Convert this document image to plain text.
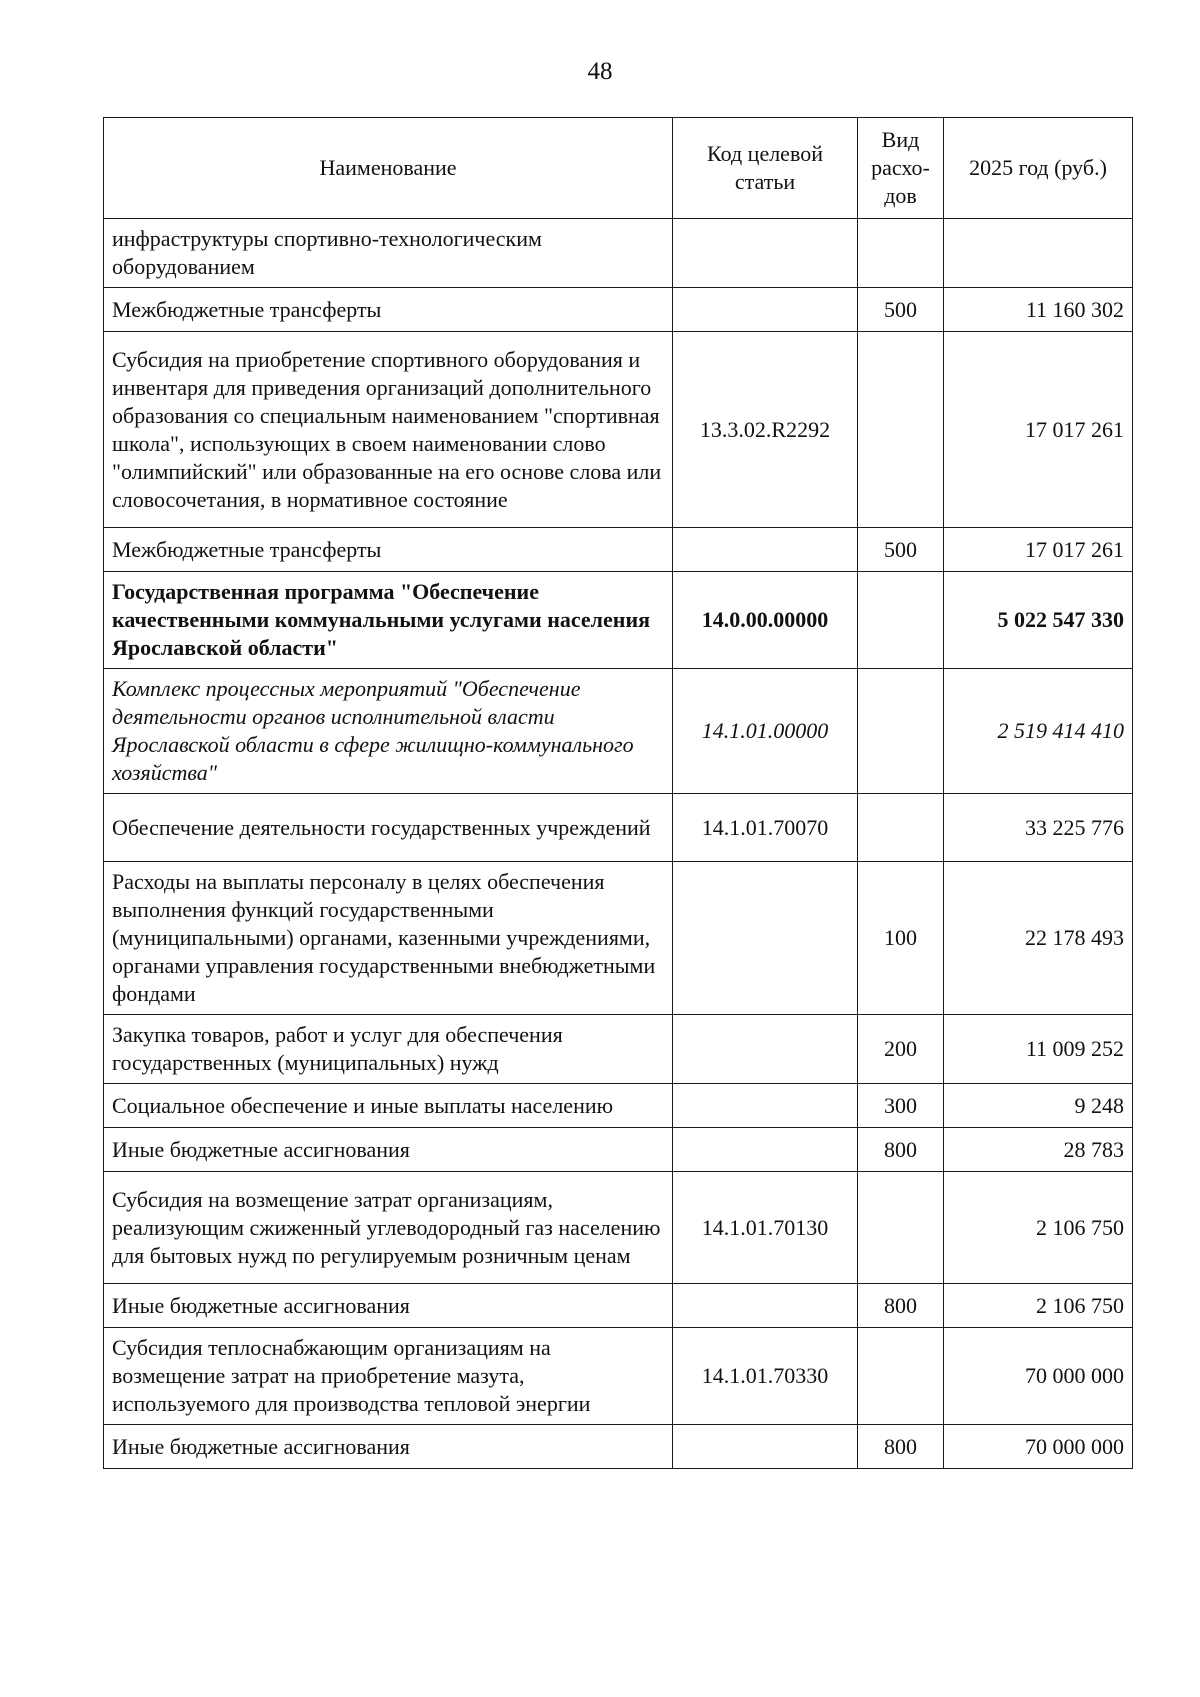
48
Наименование	Код целевой статьи	Вид расхо-дов	2025 год (руб.)
инфраструктуры спортивно-технологическим оборудованием			
Межбюджетные трансферты		500	11 160 302
Субсидия на приобретение спортивного оборудования и инвентаря для приведения организаций дополнительного образования со специальным наименованием "спортивная школа", использующих в своем наименовании слово "олимпийский" или образованные на его основе слова или словосочетания, в нормативное состояние	13.3.02.R2292		17 017 261
Межбюджетные трансферты		500	17 017 261
Государственная программа "Обеспечение качественными коммунальными услугами населения Ярославской области"	14.0.00.00000		5 022 547 330
Комплекс процессных мероприятий "Обеспечение деятельности органов исполнительной власти Ярославской области в сфере жилищно-коммунального хозяйства"	14.1.01.00000		2 519 414 410
Обеспечение деятельности государственных учреждений	14.1.01.70070		33 225 776
Расходы на выплаты персоналу в целях обеспечения выполнения функций государственными (муниципальными) органами, казенными учреждениями, органами управления государственными внебюджетными фондами		100	22 178 493
Закупка товаров, работ и услуг для обеспечения государственных (муниципальных) нужд		200	11 009 252
Социальное обеспечение и иные выплаты населению		300	9 248
Иные бюджетные ассигнования		800	28 783
Субсидия на возмещение затрат организациям, реализующим сжиженный углеводородный газ населению для бытовых нужд по регулируемым розничным ценам	14.1.01.70130		2 106 750
Иные бюджетные ассигнования		800	2 106 750
Субсидия теплоснабжающим организациям на возмещение затрат на приобретение мазута, используемого для производства тепловой энергии	14.1.01.70330		70 000 000
Иные бюджетные ассигнования		800	70 000 000
